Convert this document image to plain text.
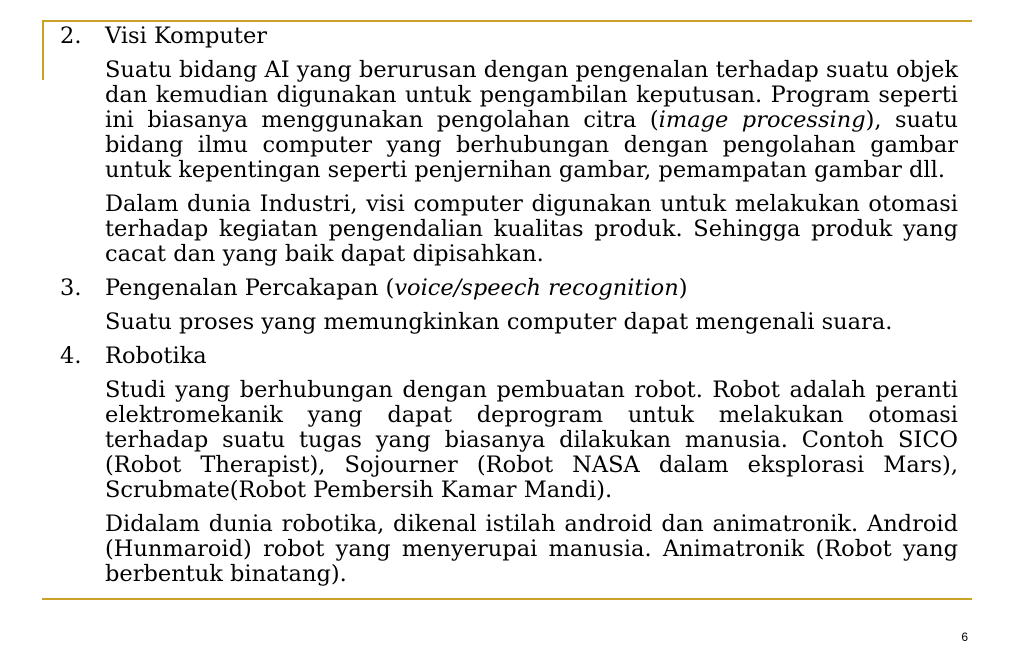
2. Visi Komputer
Suatu bidang AI yang berurusan dengan pengenalan terhadap suatu objek dan kemudian digunakan untuk pengambilan keputusan. Program seperti ini biasanya menggunakan pengolahan citra (image processing), suatu bidang ilmu computer yang berhubungan dengan pengolahan gambar untuk kepentingan seperti penjernihan gambar, pemampatan gambar dll.
Dalam dunia Industri, visi computer digunakan untuk melakukan otomasi terhadap kegiatan pengendalian kualitas produk. Sehingga produk yang cacat dan yang baik dapat dipisahkan.
3. Pengenalan Percakapan (voice/speech recognition)
Suatu proses yang memungkinkan computer dapat mengenali suara.
4. Robotika
Studi yang berhubungan dengan pembuatan robot. Robot adalah peranti elektromekanik yang dapat deprogram untuk melakukan otomasi terhadap suatu tugas yang biasanya dilakukan manusia. Contoh SICO (Robot Therapist), Sojourner (Robot NASA dalam eksplorasi Mars), Scrubmate(Robot Pembersih Kamar Mandi).
Didalam dunia robotika, dikenal istilah android dan animatronik. Android (Hunmaroid) robot yang menyerupai manusia. Animatronik (Robot yang berbentuk binatang).
6
